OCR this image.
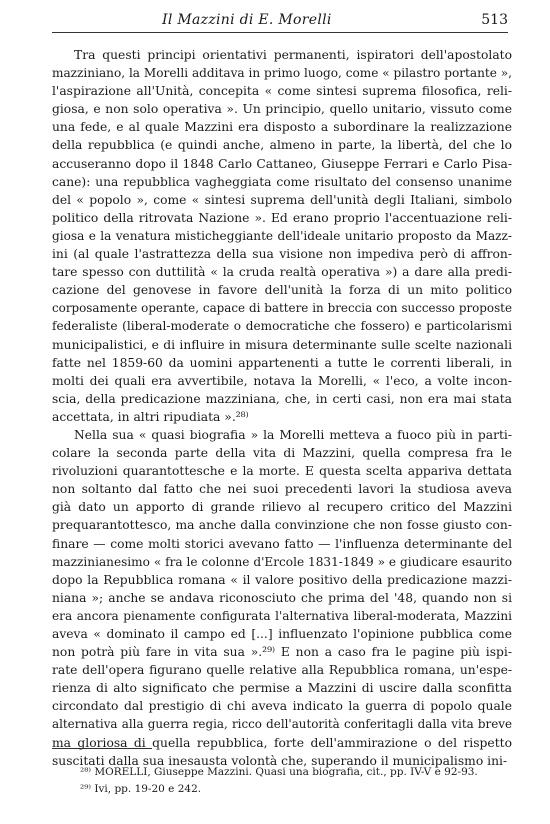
Il Mazzini di E. Morelli	513
Tra questi principi orientativi permanenti, ispiratori dell'apostolato
mazziniano, la Morelli additava in primo luogo, come « pilastro portante »,
l'aspirazione all'Unità, concepita « come sintesi suprema filosofica, reli-
giosa, e non solo operativa ». Un principio, quello unitario, vissuto come
una fede, e al quale Mazzini era disposto a subordinare la realizzazione
della repubblica (e quindi anche, almeno in parte, la libertà, del che lo
accuseranno dopo il 1848 Carlo Cattaneo, Giuseppe Ferrari e Carlo Pisa-
cane): una repubblica vagheggiata come risultato del consenso unanime
del « popolo », come « sintesi suprema dell'unità degli Italiani, simbolo
politico della ritrovata Nazione ». Ed erano proprio l'accentuazione reli-
giosa e la venatura misticheggiante dell'ideale unitario proposto da Mazz-
ini (al quale l'astrattezza della sua visione non impediva però di affron-
tare spesso con duttilità « la cruda realtà operativa ») a dare alla predi-
cazione del genovese in favore dell'unità la forza di un mito politico
corposamente operante, capace di battere in breccia con successo proposte
federaliste (liberal-moderate o democratiche che fossero) e particolarismi
municipalistici, e di influire in misura determinante sulle scelte nazionali
fatte nel 1859-60 da uomini appartenenti a tutte le correnti liberali, in
molti dei quali era avvertibile, notava la Morelli, « l'eco, a volte incon-
scia, della predicazione mazziniana, che, in certi casi, non era mai stata
accettata, in altri ripudiata ».²⁸⁾
Nella sua « quasi biografia » la Morelli metteva a fuoco più in parti-
colare la seconda parte della vita di Mazzini, quella compresa fra le
rivoluzioni quarantottesche e la morte. E questa scelta appariva dettata
non soltanto dal fatto che nei suoi precedenti lavori la studiosa aveva
già dato un apporto di grande rilievo al recupero critico del Mazzini
prequarantottesco, ma anche dalla convinzione che non fosse giusto con-
finare — come molti storici avevano fatto — l'influenza determinante del
mazzinianesimo « fra le colonne d'Ercole 1831-1849 » e giudicare esaurito
dopo la Repubblica romana « il valore positivo della predicazione mazzi-
niana »; anche se andava riconosciuto che prima del '48, quando non si
era ancora pienamente configurata l'alternativa liberal-moderata, Mazzini
aveva « dominato il campo ed [...] influenzato l'opinione pubblica come
non potrà più fare in vita sua ».²⁹⁾ E non a caso fra le pagine più ispi-
rate dell'opera figurano quelle relative alla Repubblica romana, un'espe-
rienza di alto significato che permise a Mazzini di uscire dalla sconfitta
circondato dal prestigio di chi aveva indicato la guerra di popolo quale
alternativa alla guerra regia, ricco dell'autorità conferitagli dalla vita breve
ma gloriosa di quella repubblica, forte dell'ammirazione o del rispetto
suscitati dalla sua inesausta volontà che, superando il municipalismo ini-
²⁸⁾ MORELLI, Giuseppe Mazzini. Quasi una biografia, cit., pp. IV-V e 92-93.
²⁹⁾ Ivi, pp. 19-20 e 242.
